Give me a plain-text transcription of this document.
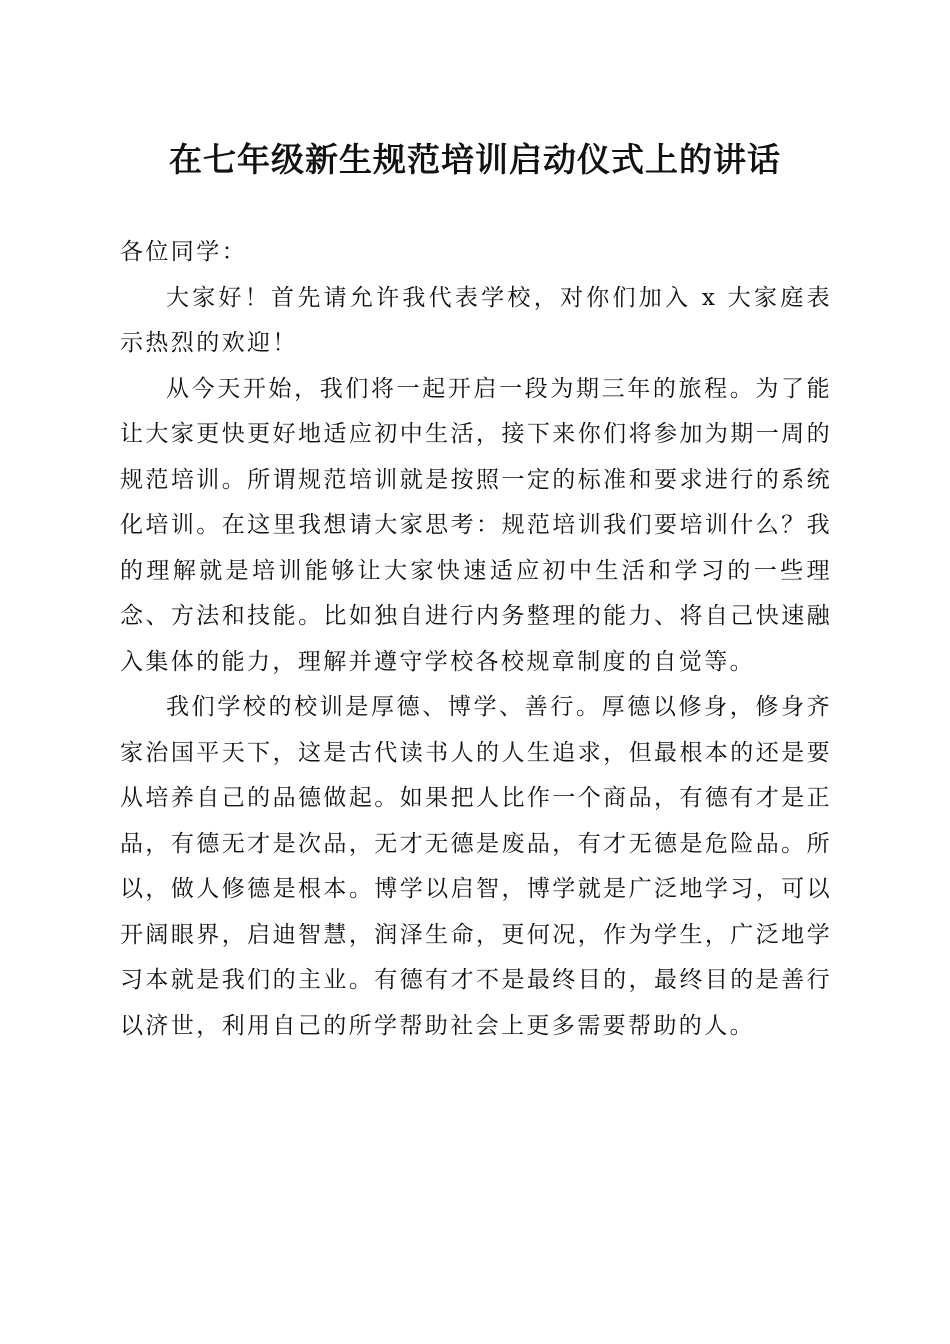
在七年级新生规范培训启动仪式上的讲话

各位同学：

大家好！首先请允许我代表学校，对你们加入 x 大家庭表示热烈的欢迎！

从今天开始，我们将一起开启一段为期三年的旅程。为了能让大家更快更好地适应初中生活，接下来你们将参加为期一周的规范培训。所谓规范培训就是按照一定的标准和要求进行的系统化培训。在这里我想请大家思考：规范培训我们要培训什么？我的理解就是培训能够让大家快速适应初中生活和学习的一些理念、方法和技能。比如独自进行内务整理的能力、将自己快速融入集体的能力，理解并遵守学校各校规章制度的自觉等。

我们学校的校训是厚德、博学、善行。厚德以修身，修身齐家治国平天下，这是古代读书人的人生追求，但最根本的还是要从培养自己的品德做起。如果把人比作一个商品，有德有才是正品，有德无才是次品，无才无德是废品，有才无德是危险品。所以，做人修德是根本。博学以启智，博学就是广泛地学习，可以开阔眼界，启迪智慧，润泽生命，更何况，作为学生，广泛地学习本就是我们的主业。有德有才不是最终目的，最终目的是善行以济世，利用自己的所学帮助社会上更多需要帮助的人。
